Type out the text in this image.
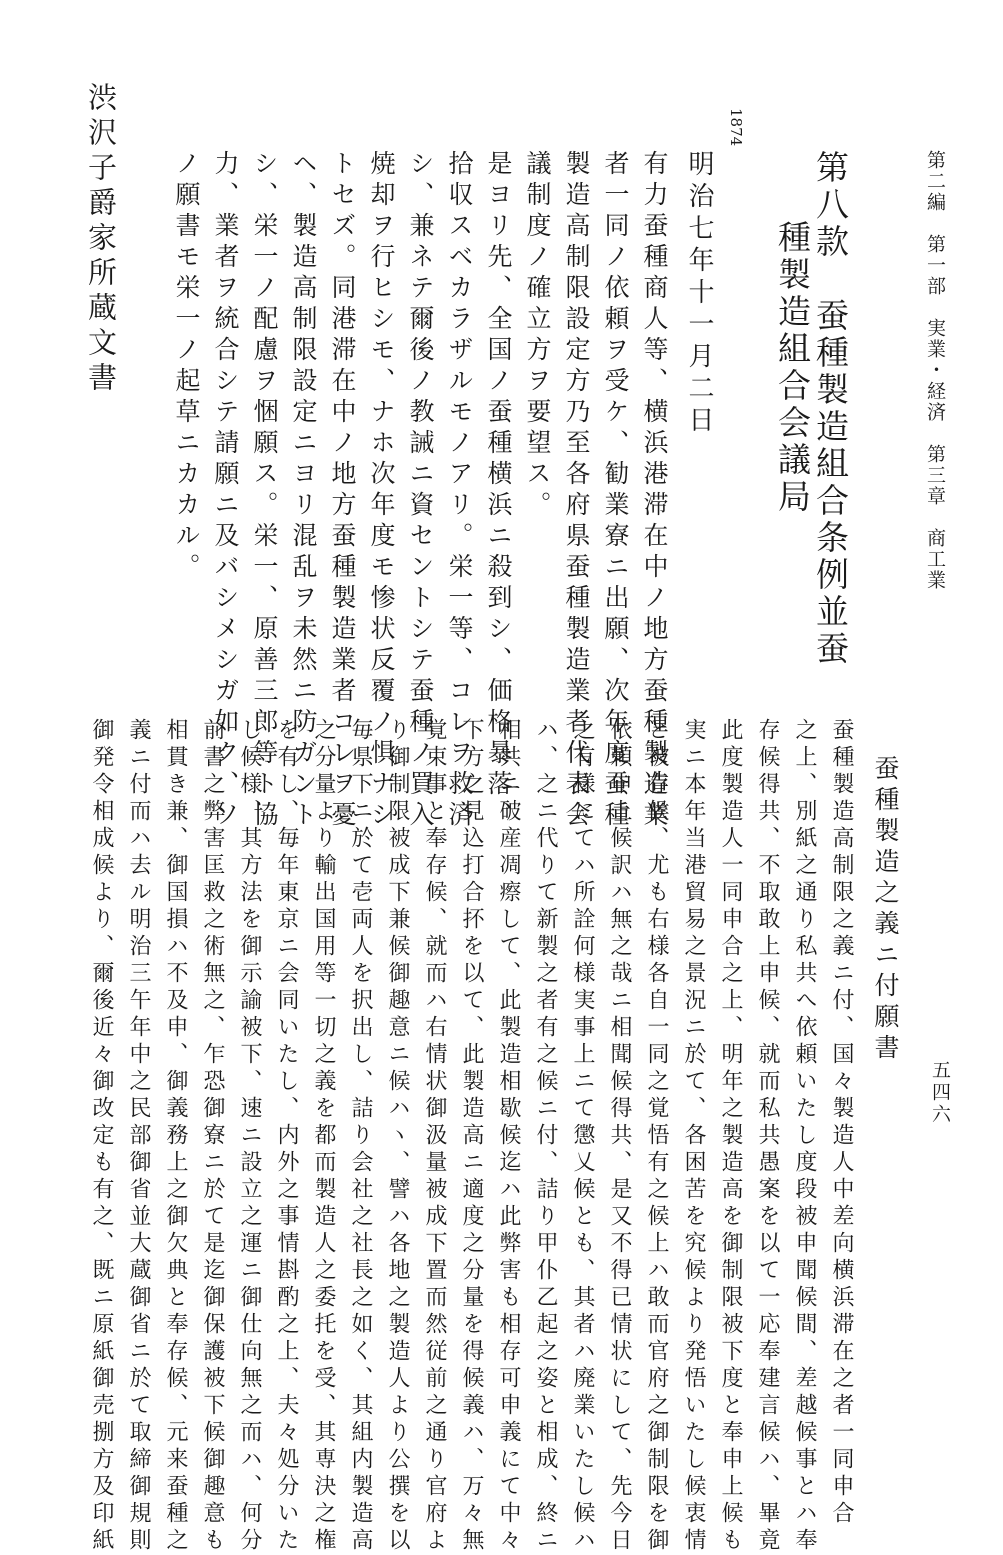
第二編　第一部　実業・経済　第三章　商工業
五四六
第八款　蚕種製造組合条例並蚕
種製造組合会議局
1874
明治七年十一月二日
有力蚕種商人等、横浜港滞在中ノ地方蚕種製造業
者一同ノ依頼ヲ受ケ、勧業寮ニ出願、次年度蚕種
製造高制限設定方乃至各府県蚕種製造業者代表会
議制度ノ確立方ヲ要望ス。
是ヨリ先、全国ノ蚕種横浜ニ殺到シ、価格暴落、
拾収スベカラザルモノアリ。栄一等、コレヲ救済
シ、兼ネテ爾後ノ教誡ニ資セントシテ蚕種ノ買入
焼却ヲ行ヒシモ、ナホ次年度モ惨状反覆ノ惧ナシ
トセズ。同港滞在中ノ地方蚕種製造業者コレヲ憂
ヘ、製造高制限設定ニヨリ混乱ヲ未然ニ防ガント
シ、栄一ノ配慮ヲ悃願ス。栄一、原善三郎等ト協
力、業者ヲ統合シテ請願ニ及バシメシガ如ク、ソ
ノ願書モ栄一ノ起草ニカカル。
渋沢子爵家所蔵文書
蚕種製造之義ニ付願書
蚕種製造高制限之義ニ付、国々製造人中差向横浜滞在之者一同申合
之上、別紙之通り私共へ依頼いたし度段被申聞候間、差越候事とハ奉
存候得共、不取敢上申候、就而私共愚案を以て一応奉建言候ハ、畢竟
此度製造人一同申合之上、明年之製造高を御制限被下度と奉申上候も
実ニ本年当港貿易之景況ニ於て、各困苦を究候より発悟いたし候衷情
と被存候、尤も右様各自一同之覚悟有之候上ハ敢而官府之御制限を御
依頼申上候訳ハ無之哉ニ相聞候得共、是又不得已情状にして、先今日
之有様にてハ所詮何様実事上ニて懲乂候とも、其者ハ廃業いたし候ハ
ハ、之ニ代りて新製之者有之候ニ付、詰り甲仆乙起之姿と相成、終ニ
相共ニ破産凋瘵して、此製造相歇候迄ハ此弊害も相存可申義にて中々
下方之見込打合抔を以て、此製造高ニ適度之分量を得候義ハ、万々無
覚束事と奉存候、就而ハ右情状御汲量被成下置而然従前之通り官府よ
り御制限被成下兼候御趣意ニ候ハヽ、譬ハ各地之製造人より公撰を以
毎県下ニ於て壱両人を択出し、詰り会社之社長之如く、其組内製造高
之分量より輸出国用等一切之義を都而製造人之委托を受、其専決之権
を有し、毎年東京ニ会同いたし、内外之事情斟酌之上、夫々処分いた
し候様、其方法を御示諭被下、速ニ設立之運ニ御仕向無之而ハ、何分
前書之弊害匡救之術無之、乍恐御寮ニ於て是迄御保護被下候御趣意も
相貫き兼、御国損ハ不及申、御義務上之御欠典と奉存候、元来蚕種之
義ニ付而ハ去ル明治三午年中之民部御省並大蔵御省ニ於て取締御規則
御発令相成候より、爾後近々御改定も有之、既ニ原紙御売捌方及印紙
